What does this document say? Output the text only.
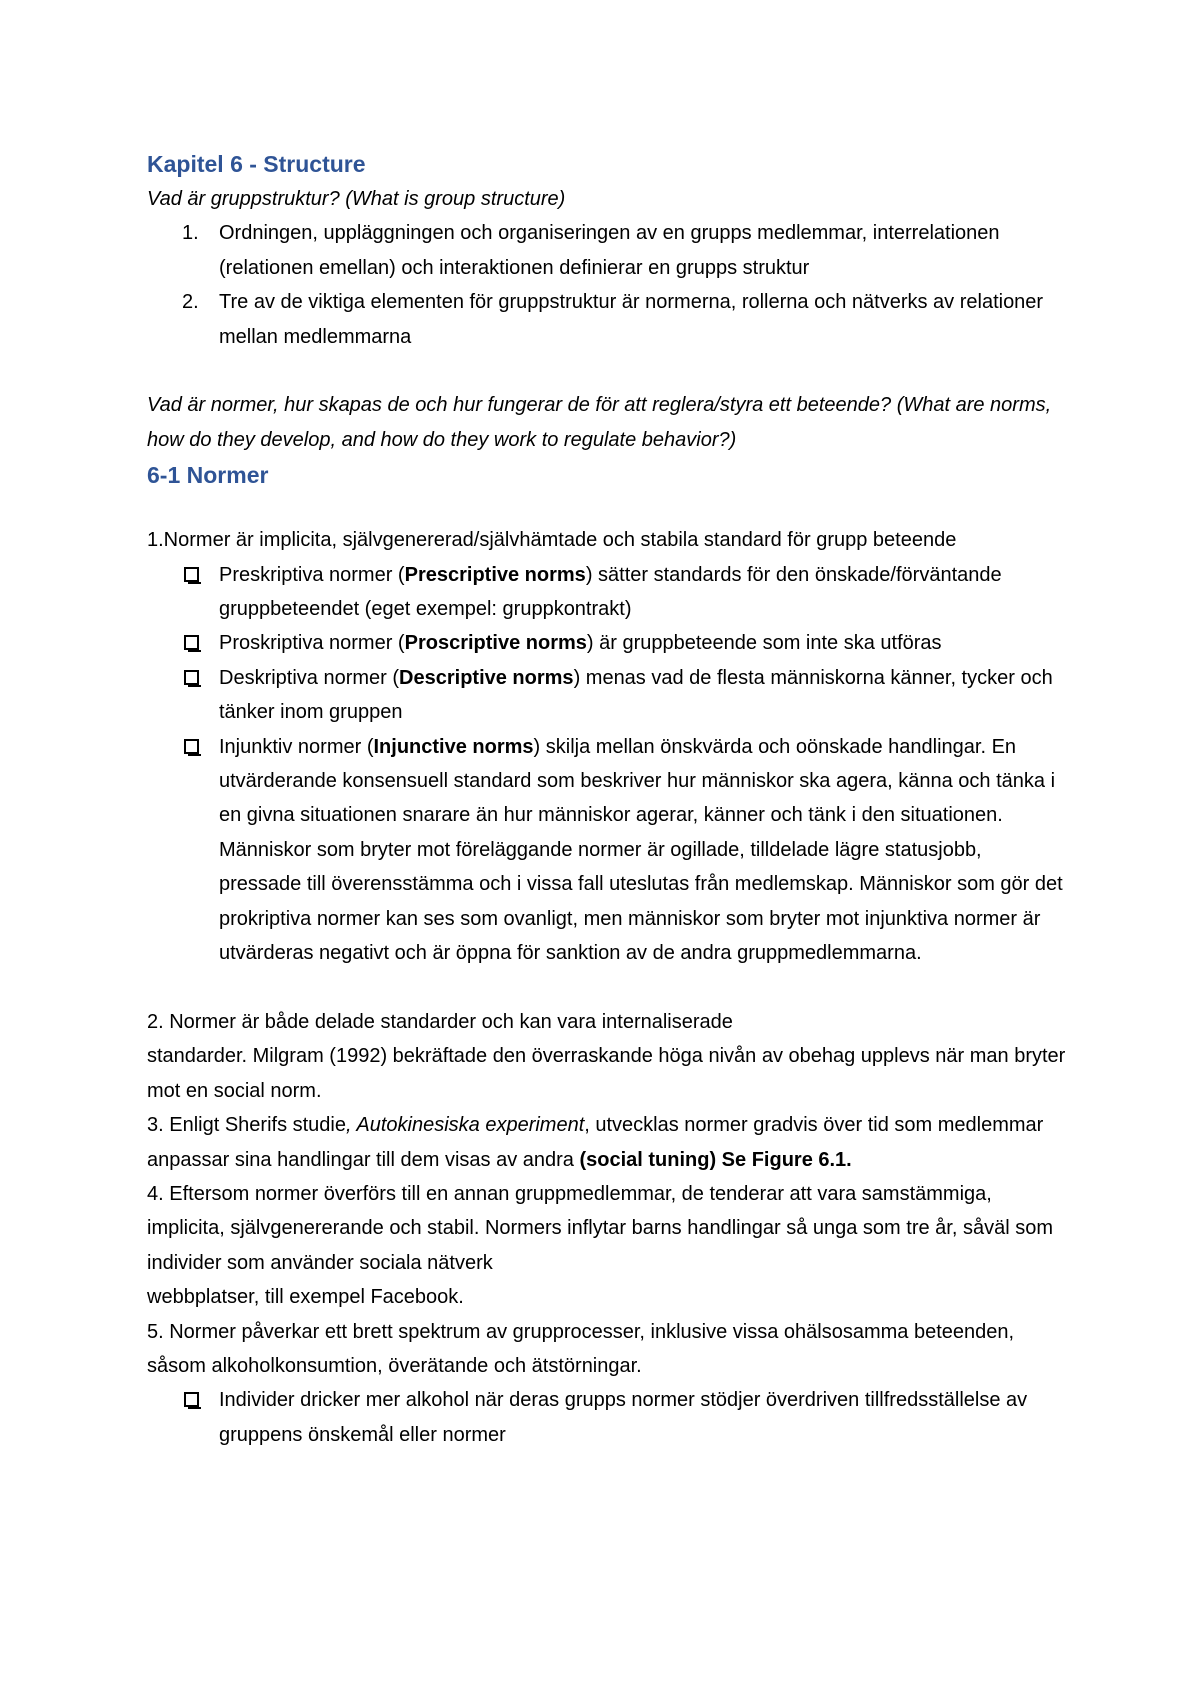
Kapitel 6 - Structure

Vad är gruppstruktur? (What is group structure)

1. Ordningen, uppläggningen och organiseringen av en grupps medlemmar, interrelationen (relationen emellan) och interaktionen definierar en grupps struktur

2. Tre av de viktiga elementen för gruppstruktur är normerna, rollerna och nätverks av relationer mellan medlemmarna

Vad är normer, hur skapas de och hur fungerar de för att reglera/styra ett beteende? (What are norms, how do they develop, and how do they work to regulate behavior?)

6-1 Normer

1.Normer är implicita, självgenererad/självhämtade och stabila standard för grupp beteende

Preskriptiva normer (Prescriptive norms) sätter standards för den önskade/förväntande gruppbeteendet (eget exempel: gruppkontrakt)

Proskriptiva normer (Proscriptive norms) är gruppbeteende som inte ska utföras

Deskriptiva normer (Descriptive norms) menas vad de flesta människorna känner, tycker och tänker inom gruppen

Injunktiv normer (Injunctive norms) skilja mellan önskvärda och oönskade handlingar. En utvärderande konsensuell standard som beskriver hur människor ska agera, känna och tänka i en givna situationen snarare än hur människor agerar, känner och tänk i den situationen. Människor som bryter mot föreläggande normer är ogillade, tilldelade lägre statusjobb, pressade till överensstämma och i vissa fall uteslutas från medlemskap. Människor som gör det prokriptiva normer kan ses som ovanligt, men människor som bryter mot injunktiva normer är utvärderas negativt och är öppna för sanktion av de andra gruppmedlemmarna.

2. Normer är både delade standarder och kan vara internaliserade

standarder. Milgram (1992) bekräftade den överraskande höga nivån av obehag upplevs när man bryter mot en social norm.

3. Enligt Sherifs studie, Autokinesiska experiment, utvecklas normer gradvis över tid som medlemmar anpassar sina handlingar till dem visas av andra (social tuning) Se Figure 6.1.

4. Eftersom normer överförs till en annan gruppmedlemmar, de tenderar att vara samstämmiga, implicita, självgenererande och stabil. Normers inflytar barns handlingar så unga som tre år, såväl som individer som använder sociala nätverk

webbplatser, till exempel Facebook.

5. Normer påverkar ett brett spektrum av grupprocesser, inklusive vissa ohälsosamma beteenden, såsom alkoholkonsumtion, överätande och ätstörningar.

Individer dricker mer alkohol när deras grupps normer stödjer överdriven tillfredsställelse av gruppens önskemål eller normer
